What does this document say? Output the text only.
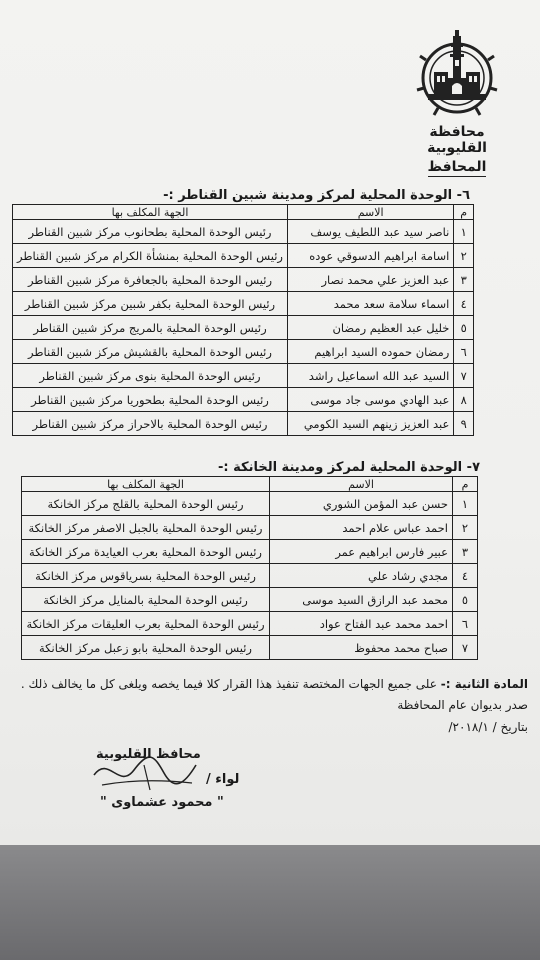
محافظة القليوبية
المحافظ
٦- الوحدة المحلية لمركز ومدينة شبين القناطر :-
م	الاسم	الجهة المكلف بها
١	ناصر سيد عبد اللطيف يوسف	رئيس الوحدة المحلية بطحانوب مركز شبين القناطر
٢	اسامة ابراهيم الدسوقي عوده	رئيس الوحدة المحلية بمنشأة الكرام مركز شبين القناطر
٣	عبد العزيز علي محمد نصار	رئيس الوحدة المحلية بالجعافرة مركز شبين القناطر
٤	اسماء سلامة سعد محمد	رئيس الوحدة المحلية بكفر شبين مركز شبين القناطر
٥	خليل عبد العظيم رمضان	رئيس الوحدة المحلية بالمريج مركز شبين القناطر
٦	رمضان حموده السيد ابراهيم	رئيس الوحدة المحلية بالقشيش مركز شبين القناطر
٧	السيد عبد الله اسماعيل راشد	رئيس الوحدة المحلية بنوى مركز شبين القناطر
٨	عبد الهادي موسى جاد موسى	رئيس الوحدة المحلية بطحوريا مركز شبين القناطر
٩	عبد العزيز زينهم السيد الكومي	رئيس الوحدة المحلية بالاحراز مركز شبين القناطر
٧- الوحدة المحلية لمركز ومدينة الخانكة :-
م	الاسم	الجهة المكلف بها
١	حسن عبد المؤمن الشوري	رئيس الوحدة المحلية بالقلج مركز الخانكة
٢	احمد عباس علام احمد	رئيس الوحدة المحلية بالجبل الاصفر مركز الخانكة
٣	عبير فارس ابراهيم عمر	رئيس الوحدة المحلية بعرب العيايدة مركز الخانكة
٤	مجدي رشاد علي	رئيس الوحدة المحلية بسرياقوس مركز الخانكة
٥	محمد عبد الرازق السيد موسى	رئيس الوحدة المحلية بالمنايل مركز الخانكة
٦	احمد محمد عبد الفتاح عواد	رئيس الوحدة المحلية بعرب العليقات مركز الخانكة
٧	صباح محمد محفوظ	رئيس الوحدة المحلية بابو زعبل مركز الخانكة
المادة الثانية :- على جميع الجهات المختصة تنفيذ هذا القرار كلا فيما يخصه ويلغى كل ما يخالف ذلك .
صدر بديوان عام المحافظة
بتاريخ / ٢٠١٨/١/
محافظ القليوبية
لواء /
" محمود عشماوى "
